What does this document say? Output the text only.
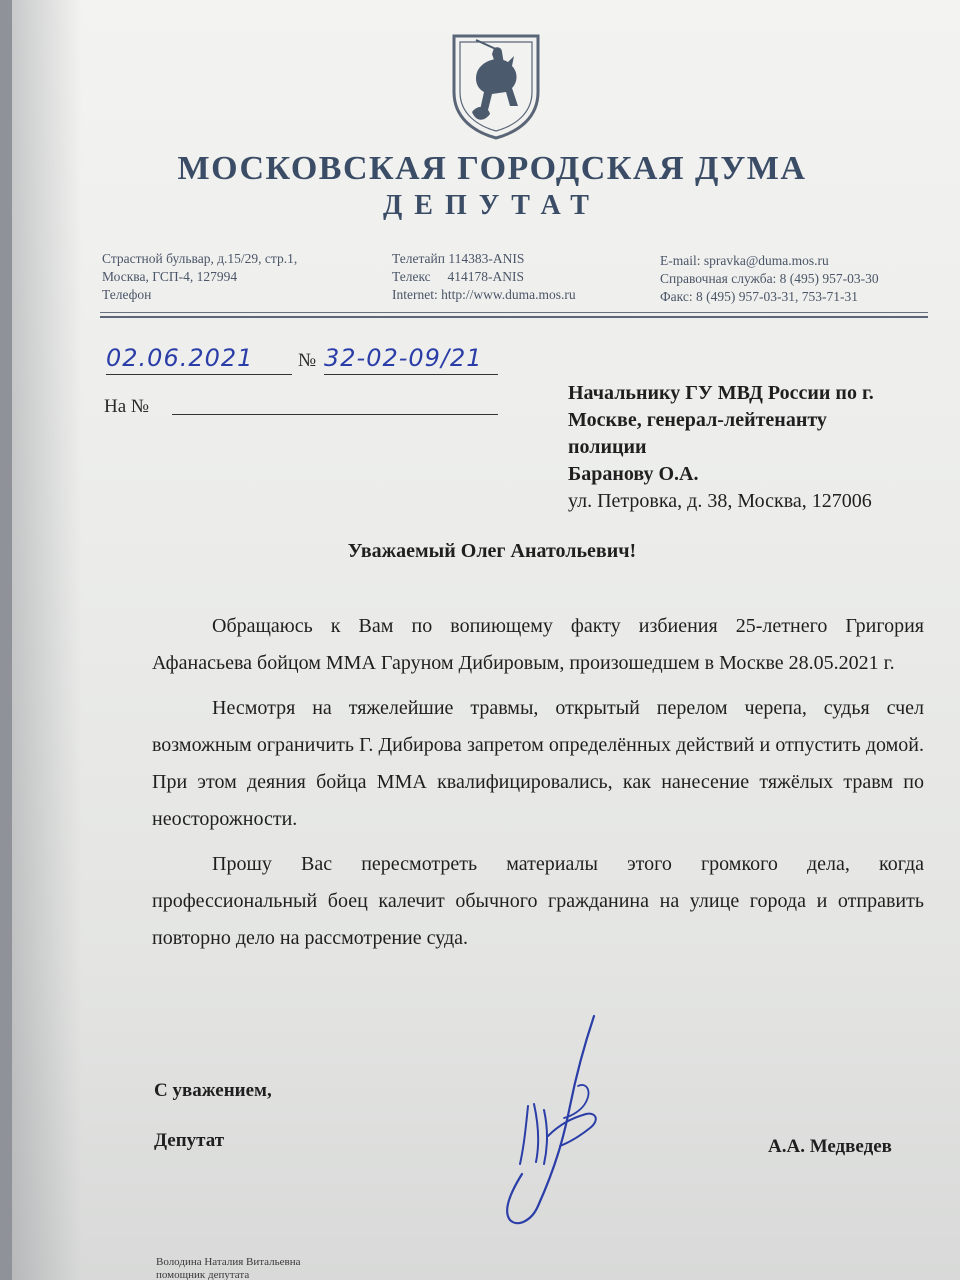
МОСКОВСКАЯ ГОРОДСКАЯ ДУМА
ДЕПУТАТ
Страстной бульвар, д.15/29, стр.1,
Москва, ГСП-4, 127994
Телефон
Телетайп 114383-ANIS
Телекс     414178-ANIS
Internet: http://www.duma.mos.ru
E-mail: spravka@duma.mos.ru
Справочная служба: 8 (495) 957-03-30
Факс: 8 (495) 957-03-31, 753-71-31
02.06.2021	№ 32-02-09/21
На №
Начальнику ГУ МВД России по г.
Москве, генерал-лейтенанту
полиции
Баранову О.А.
ул. Петровка, д. 38, Москва, 127006
Уважаемый Олег Анатольевич!

Обращаюсь к Вам по вопиющему факту избиения 25-летнего Григория Афанасьева бойцом ММА Гаруном Дибировым, произошедшем в Москве 28.05.2021 г.

Несмотря на тяжелейшие травмы, открытый перелом черепа, судья счел возможным ограничить Г. Дибирова запретом определённых действий и отпустить домой. При этом деяния бойца ММА квалифицировались, как нанесение тяжёлых травм по неосторожности.

Прошу Вас пересмотреть материалы этого громкого дела, когда профессиональный боец калечит обычного гражданина на улице города и отправить повторно дело на рассмотрение суда.

С уважением,
Депутат	А.А. Медведев
Володина Наталия Витальевна
помощник депутата
